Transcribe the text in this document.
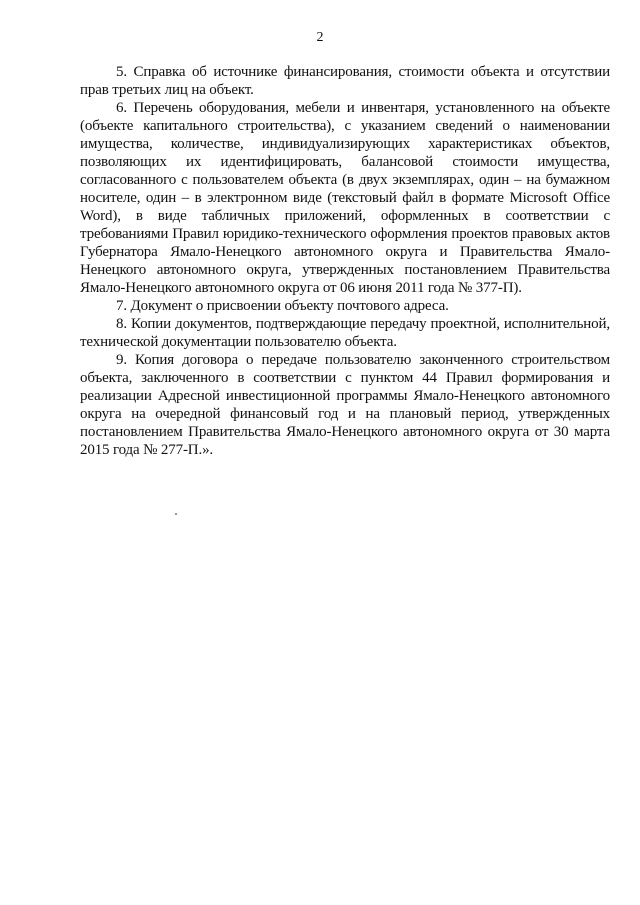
2

5. Справка об источнике финансирования, стоимости объекта и отсутствии прав третьих лиц на объект.

6. Перечень оборудования, мебели и инвентаря, установленного на объекте (объекте капитального строительства), с указанием сведений о наименовании имущества, количестве, индивидуализирующих характеристиках объектов, позволяющих их идентифицировать, балансовой стоимости имущества, согласованного с пользователем объекта (в двух экземплярах, один – на бумажном носителе, один – в электронном виде (текстовый файл в формате Microsoft Office Word), в виде табличных приложений, оформленных в соответствии с требованиями Правил юридико-технического оформления проектов правовых актов Губернатора Ямало-Ненецкого автономного округа и Правительства Ямало-Ненецкого автономного округа, утвержденных постановлением Правительства Ямало-Ненецкого автономного округа от 06 июня 2011 года № 377-П).

7. Документ о присвоении объекту почтового адреса.

8. Копии документов, подтверждающие передачу проектной, исполнительной, технической документации пользователю объекта.

9. Копия договора о передаче пользователю законченного строительством объекта, заключенного в соответствии с пунктом 44 Правил формирования и реализации Адресной инвестиционной программы Ямало-Ненецкого автономного округа на очередной финансовый год и на плановый период, утвержденных постановлением Правительства Ямало-Ненецкого автономного округа от 30 марта 2015 года № 277-П.».
